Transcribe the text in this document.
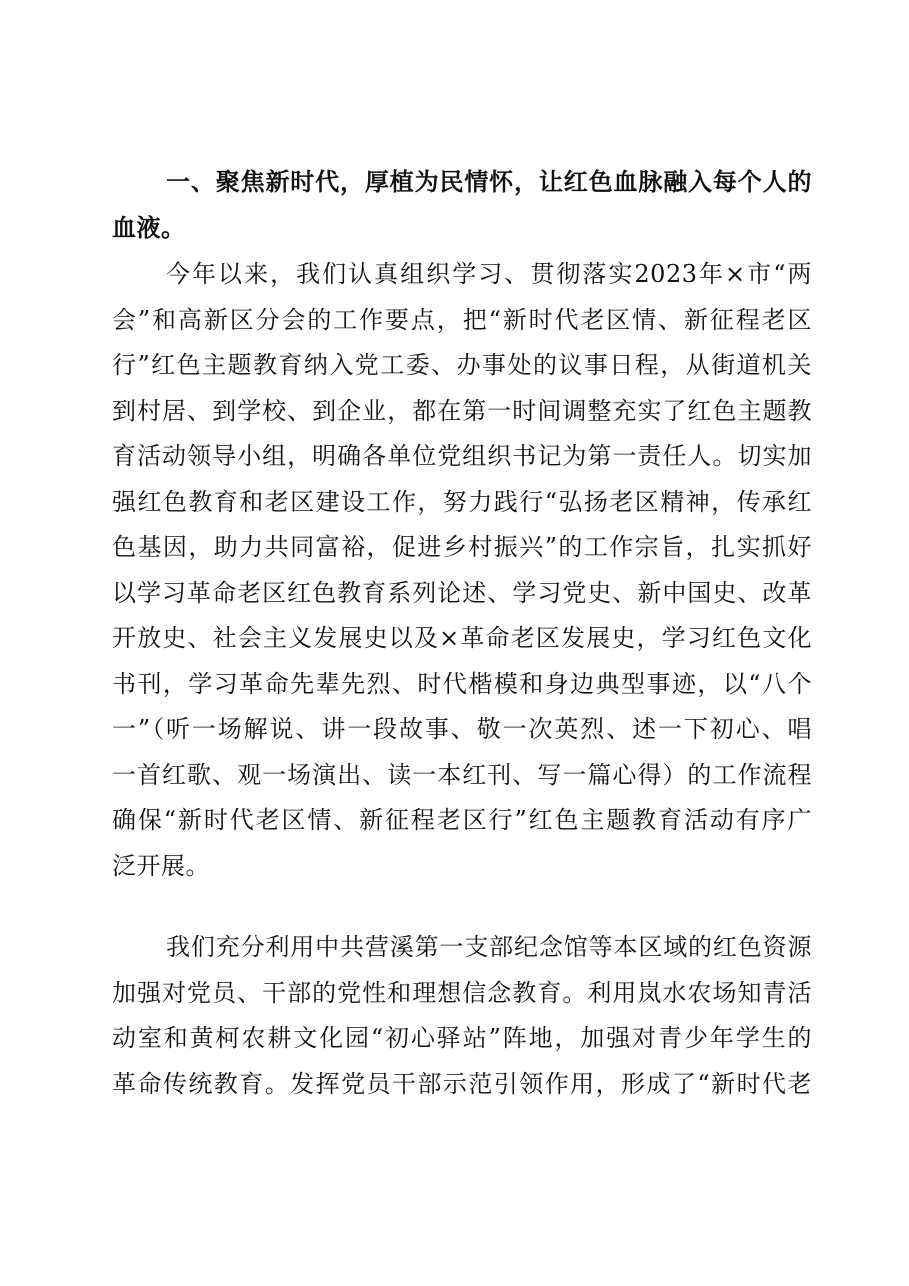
一、聚焦新时代，厚植为民情怀，让红色血脉融入每个人的
血液。
今年以来，我们认真组织学习、贯彻落实2023年×市“两
会”和高新区分会的工作要点，把“新时代老区情、新征程老区
行”红色主题教育纳入党工委、办事处的议事日程，从街道机关
到村居、到学校、到企业，都在第一时间调整充实了红色主题教
育活动领导小组，明确各单位党组织书记为第一责任人。切实加
强红色教育和老区建设工作，努力践行“弘扬老区精神，传承红
色基因，助力共同富裕，促进乡村振兴”的工作宗旨，扎实抓好
以学习革命老区红色教育系列论述、学习党史、新中国史、改革
开放史、社会主义发展史以及×革命老区发展史，学习红色文化
书刊，学习革命先辈先烈、时代楷模和身边典型事迹，以“八个
一”（听一场解说、讲一段故事、敬一次英烈、述一下初心、唱
一首红歌、观一场演出、读一本红刊、写一篇心得）的工作流程
确保“新时代老区情、新征程老区行”红色主题教育活动有序广
泛开展。
我们充分利用中共营溪第一支部纪念馆等本区域的红色资源
加强对党员、干部的党性和理想信念教育。利用岚水农场知青活
动室和黄柯农耕文化园“初心驿站”阵地，加强对青少年学生的
革命传统教育。发挥党员干部示范引领作用，形成了“新时代老
